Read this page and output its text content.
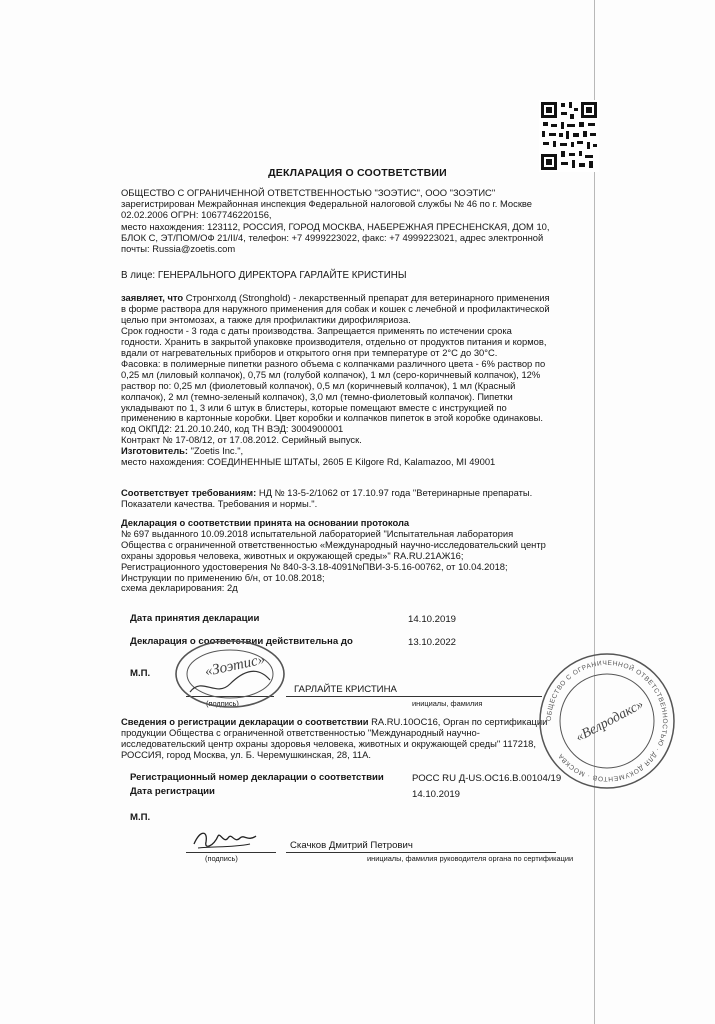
ДЕКЛАРАЦИЯ О СООТВЕТСТВИИ
ОБЩЕСТВО С ОГРАНИЧЕННОЙ ОТВЕТСТВЕННОСТЬЮ "ЗОЭТИС", ООО "ЗОЭТИС"
зарегистрирован Межрайонная инспекция Федеральной налоговой службы № 46 по г. Москве
02.02.2006 ОГРН: 1067746220156,
место нахождения: 123112, РОССИЯ, ГОРОД МОСКВА, НАБЕРЕЖНАЯ ПРЕСНЕНСКАЯ, ДОМ 10,
БЛОК С, ЭТ/ПОМ/ОФ 21/II/4, телефон: +7 4999223022, факс: +7 4999223021, адрес электронной
почты: Russia@zoetis.com
В лице: ГЕНЕРАЛЬНОГО ДИРЕКТОРА ГАРЛАЙТЕ КРИСТИНЫ
заявляет, что Стронгхолд (Stronghold) - лекарственный препарат для ветеринарного применения
в форме раствора для наружного применения для собак и кошек с лечебной и профилактической
целью при энтомозах, а также для профилактики дирофиляриоза.
Срок годности - 3 года с даты производства. Запрещается применять по истечении срока
годности. Хранить в закрытой упаковке производителя, отдельно от продуктов питания и кормов,
вдали от нагревательных приборов и открытого огня при температуре от 2°С до 30°С.
Фасовка: в полимерные пипетки разного объема с колпачками различного цвета - 6% раствор по
0,25 мл (лиловый колпачок), 0,75 мл (голубой колпачок), 1 мл (серо-коричневый колпачок), 12%
раствор по: 0,25 мл (фиолетовый колпачок), 0,5 мл (коричневый колпачок), 1 мл (Красный
колпачок), 2 мл (темно-зеленый колпачок), 3,0 мл (темно-фиолетовый колпачок). Пипетки
укладывают по 1, 3 или 6 штук в блистеры, которые помещают вместе с инструкцией по
применению в картонные коробки. Цвет коробки и колпачков пипеток в этой коробке одинаковы.
код ОКПД2: 21.20.10.240, код ТН ВЭД: 3004900001
Контракт № 17-08/12, от 17.08.2012. Серийный выпуск.
Изготовитель: "Zoetis Inc.",
место нахождения: СОЕДИНЕННЫЕ ШТАТЫ, 2605 E Kilgore Rd, Kalamazoo, MI 49001
Соответствует требованиям: НД № 13-5-2/1062 от 17.10.97 года "Ветеринарные препараты.
Показатели качества. Требования и нормы.".
Декларация о соответствии принята на основании протокола
№ 697 выданного 10.09.2018 испытательной лабораторией "Испытательная лаборатория
Общества с ограниченной ответственностью «Международный научно-исследовательский центр
охраны здоровья человека, животных и окружающей среды»" RA.RU.21АЖ16;
Регистрационного удостоверения № 840-3-3.18-4091№ПВИ-3-5.16-00762, от 10.04.2018;
Инструкции по применению б/н, от 10.08.2018;
схема декларирования: 2д
Дата принятия декларации	14.10.2019
Декларация о соответствии действительна до	13.10.2022
М.П.
(подпись)
ГАРЛАЙТЕ КРИСТИНА
инициалы, фамилия
«Зоэтис»
Сведения о регистрации декларации о соответствии RA.RU.10ОС16, Орган по сертификации
продукции Общества с ограниченной ответственностью "Международный научно-
исследовательский центр охраны здоровья человека, животных и окружающей среды" 117218,
РОССИЯ, город Москва, ул. Б. Черемушкинская, 28, 11А.
Регистрационный номер декларации о соответствии	РОСС RU Д-US.ОС16.В.00104/19
Дата регистрации	14.10.2019
М.П.
(подпись)
Скачков Дмитрий Петрович
инициалы, фамилия руководителя органа по сертификации
ОБЩЕСТВО С ОГРАНИЧЕННОЙ ОТВЕТСТВЕННОСТЬЮ · ДЛЯ ДОКУМЕНТОВ · МОСКВА
«Велродакс»
